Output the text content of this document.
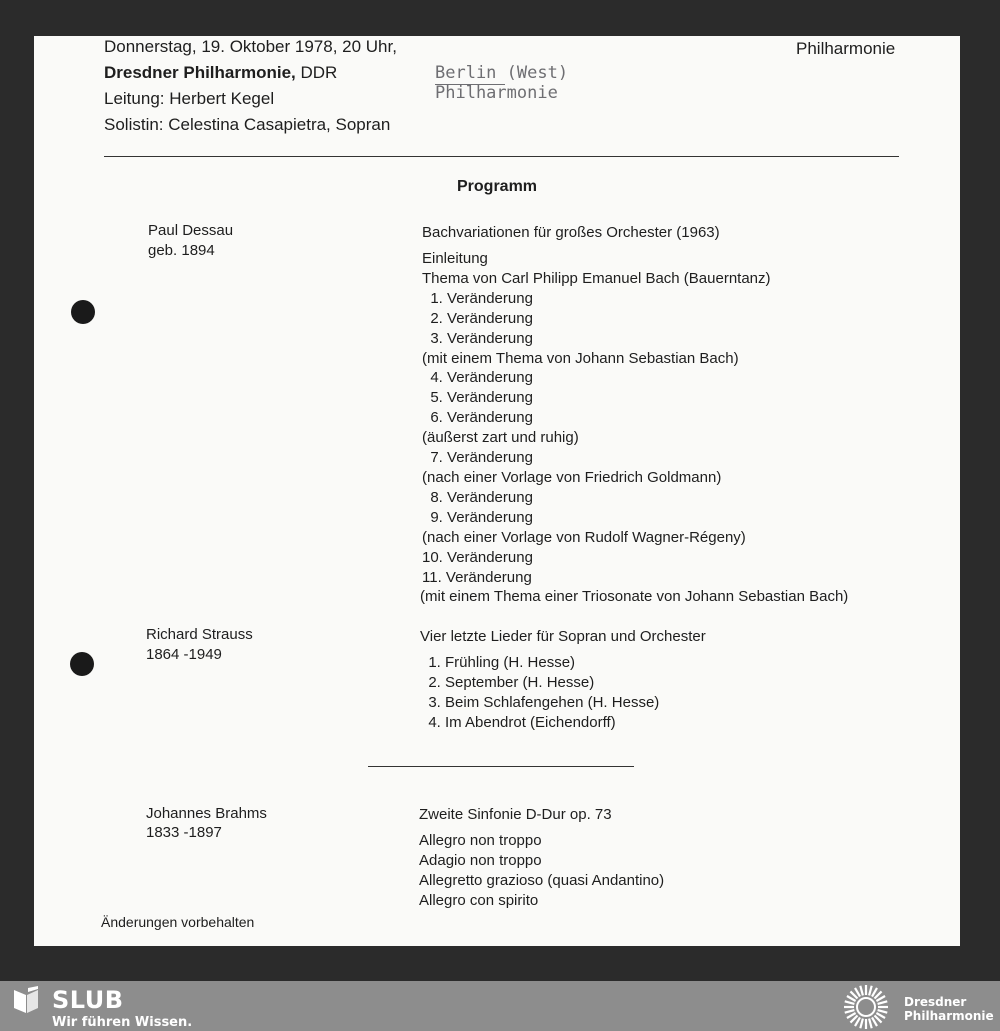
Donnerstag, 19. Oktober 1978, 20 Uhr,
Dresdner Philharmonie, DDR
Leitung: Herbert Kegel
Solistin: Celestina Casapietra, Sopran
Philharmonie
Berlin (West)
Philharmonie
Programm
Paul Dessau
geb. 1894
Bachvariationen für großes Orchester (1963)
Einleitung
Thema von Carl Philipp Emanuel Bach (Bauerntanz)
1. Veränderung
2. Veränderung
3. Veränderung
(mit einem Thema von Johann Sebastian Bach)
4. Veränderung
5. Veränderung
6. Veränderung
(äußerst zart und ruhig)
7. Veränderung
(nach einer Vorlage von Friedrich Goldmann)
8. Veränderung
9. Veränderung
(nach einer Vorlage von Rudolf Wagner-Régeny)
10. Veränderung
11. Veränderung
(mit einem Thema einer Triosonate von Johann Sebastian Bach)
Richard Strauss
1864 -1949
Vier letzte Lieder für Sopran und Orchester
1. Frühling (H. Hesse)
2. September (H. Hesse)
3. Beim Schlafengehen (H. Hesse)
4. Im Abendrot (Eichendorff)
Johannes Brahms
1833 -1897
Zweite Sinfonie D-Dur op. 73
Allegro non troppo
Adagio non troppo
Allegretto grazioso (quasi Andantino)
Allegro con spirito
Änderungen vorbehalten
SLUB
Wir führen Wissen.
Dresdner
Philharmonie
